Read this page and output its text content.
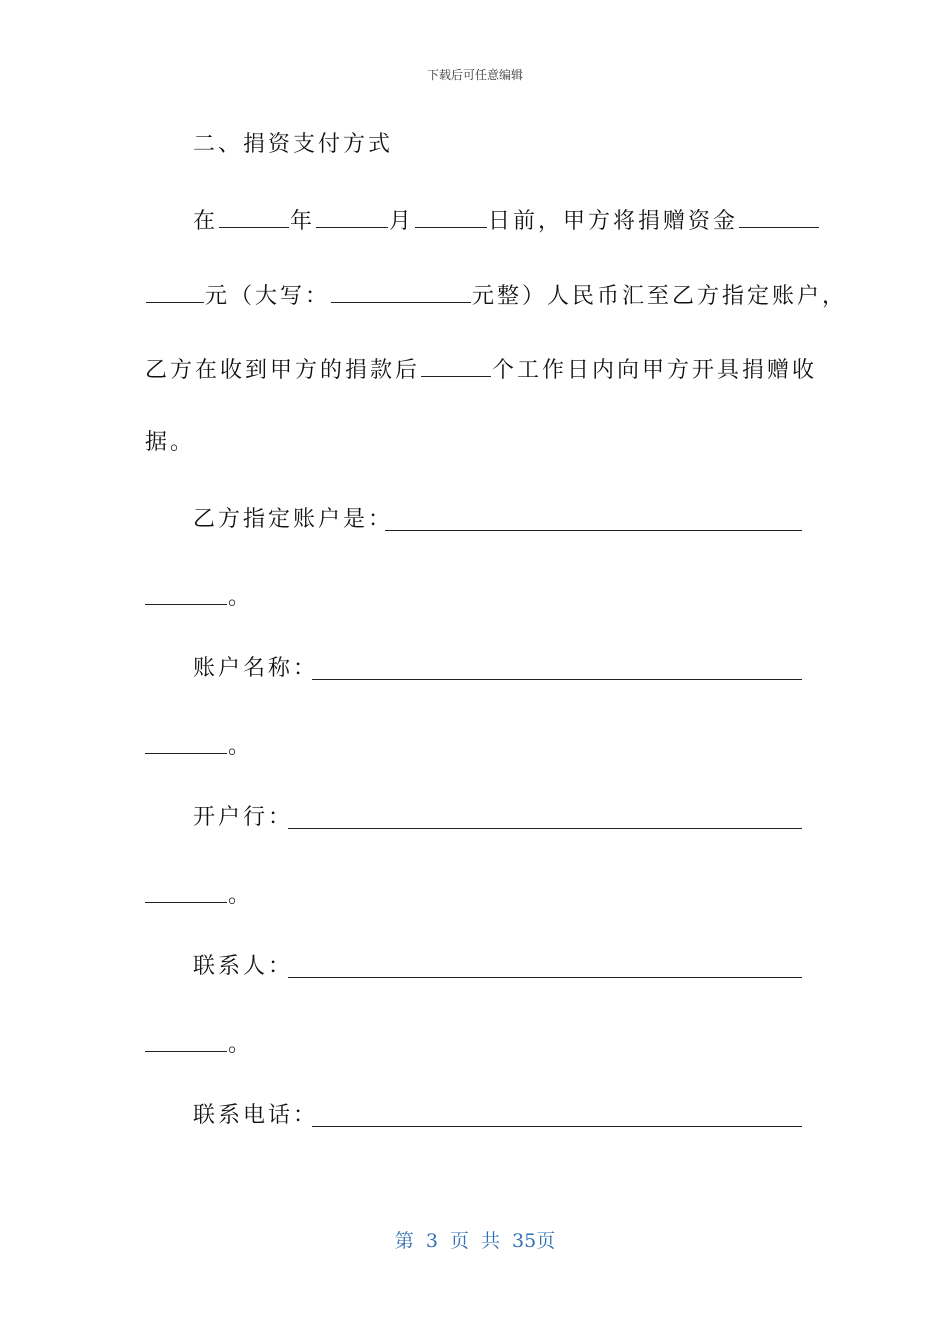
下载后可任意编辑
二、捐资支付方式
在	年	月	日前，甲方将捐赠资金
元（大写：	元整）人民币汇至乙方指定账户，
乙方在收到甲方的捐款后	个工作日内向甲方开具捐赠收
据。
乙方指定账户是：
。
账户名称：
。
开户行：
。
联系人：
。
联系电话：
第 3 页 共 35页
